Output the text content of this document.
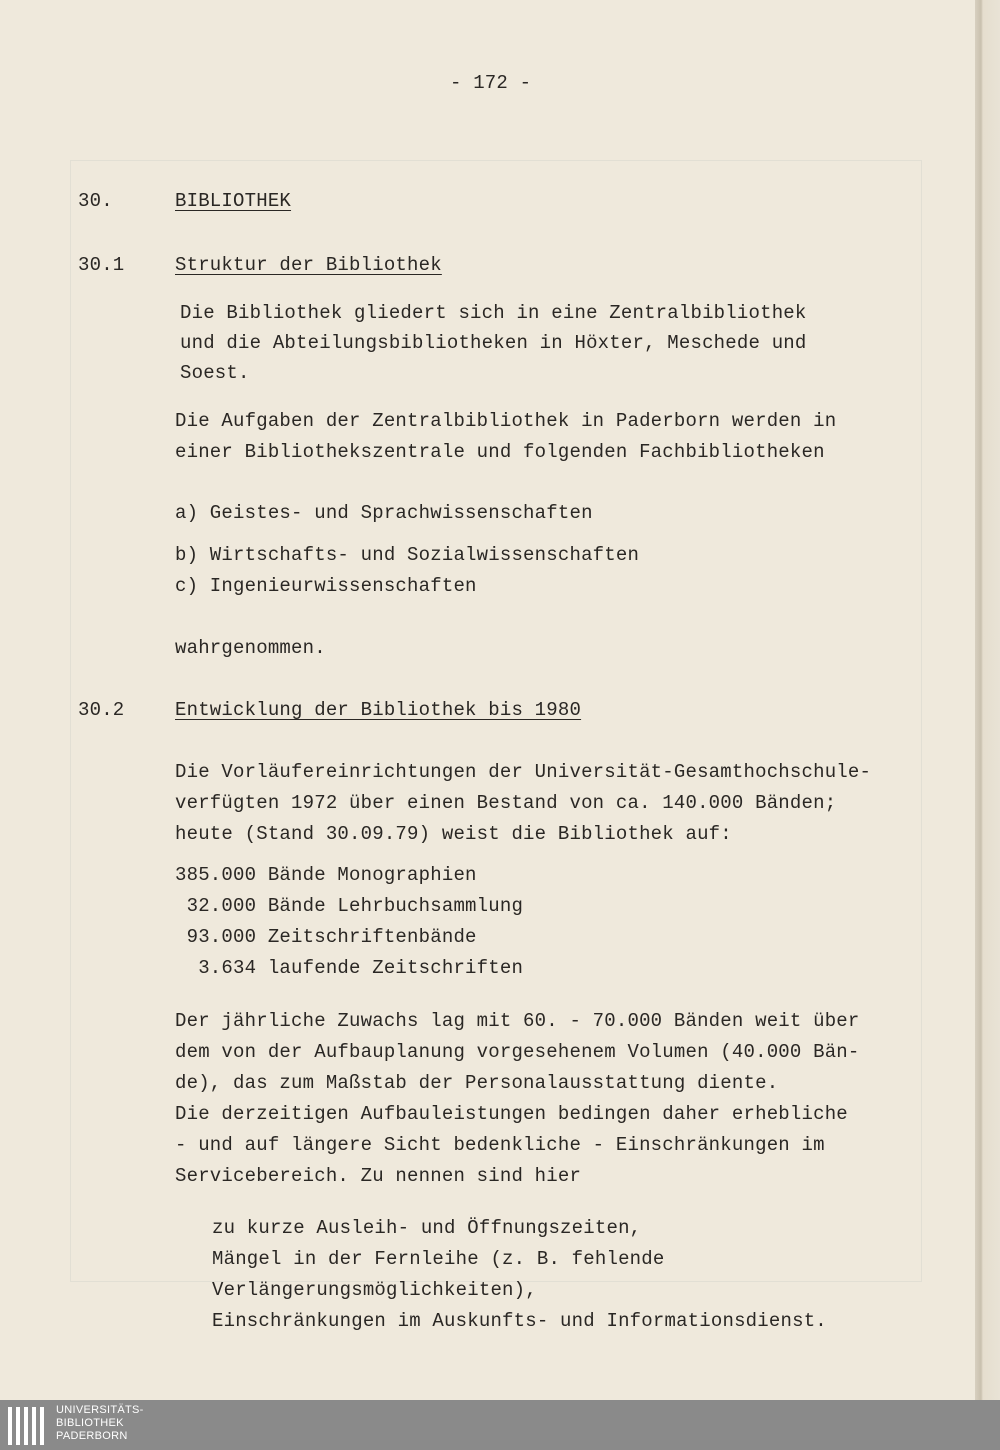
- 172 -
30.	BIBLIOTHEK
30.1	Struktur der Bibliothek
Die Bibliothek gliedert sich in eine Zentralbibliothek
und die Abteilungsbibliotheken in Höxter, Meschede und
Soest.
Die Aufgaben der Zentralbibliothek in Paderborn werden in
einer Bibliothekszentrale und folgenden Fachbibliotheken
a) Geistes- und Sprachwissenschaften
b) Wirtschafts- und Sozialwissenschaften
c) Ingenieurwissenschaften
wahrgenommen.
30.2	Entwicklung der Bibliothek bis 1980
Die Vorläufereinrichtungen der Universität-Gesamthochschule-
verfügten 1972 über einen Bestand von ca. 140.000 Bänden;
heute (Stand 30.09.79) weist die Bibliothek auf:
385.000 Bände Monographien
32.000 Bände Lehrbuchsammlung
93.000 Zeitschriftenbände
3.634 laufende Zeitschriften
Der jährliche Zuwachs lag mit 60. - 70.000 Bänden weit über
dem von der Aufbauplanung vorgesehenem Volumen (40.000 Bän-
de), das zum Maßstab der Personalausstattung diente.
Die derzeitigen Aufbauleistungen bedingen daher erhebliche
- und auf längere Sicht bedenkliche - Einschränkungen im
Servicebereich. Zu nennen sind hier
zu kurze Ausleih- und Öffnungszeiten,
Mängel in der Fernleihe (z. B. fehlende
Verlängerungsmöglichkeiten),
Einschränkungen im Auskunfts- und Informationsdienst.
UNIVERSITÄTS-
BIBLIOTHEK
PADERBORN
